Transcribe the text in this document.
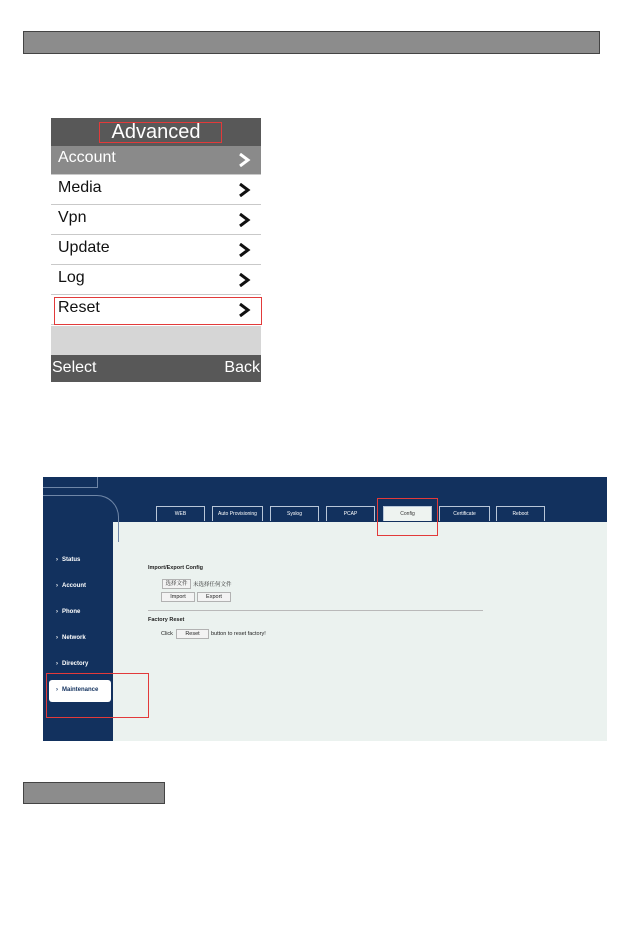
Advanced
Account
Media
Vpn
Update
Log
Reset
Select	Back
WEB	Auto Provisioning	Syslog	PCAP	Config	Certificate	Reboot
› Status
› Account
› Phone
› Network
› Directory
› Maintenance
Import/Export Config
选择文件	未选择任何文件
Import	Export
Factory Reset
Click	Reset	button to reset factory!
